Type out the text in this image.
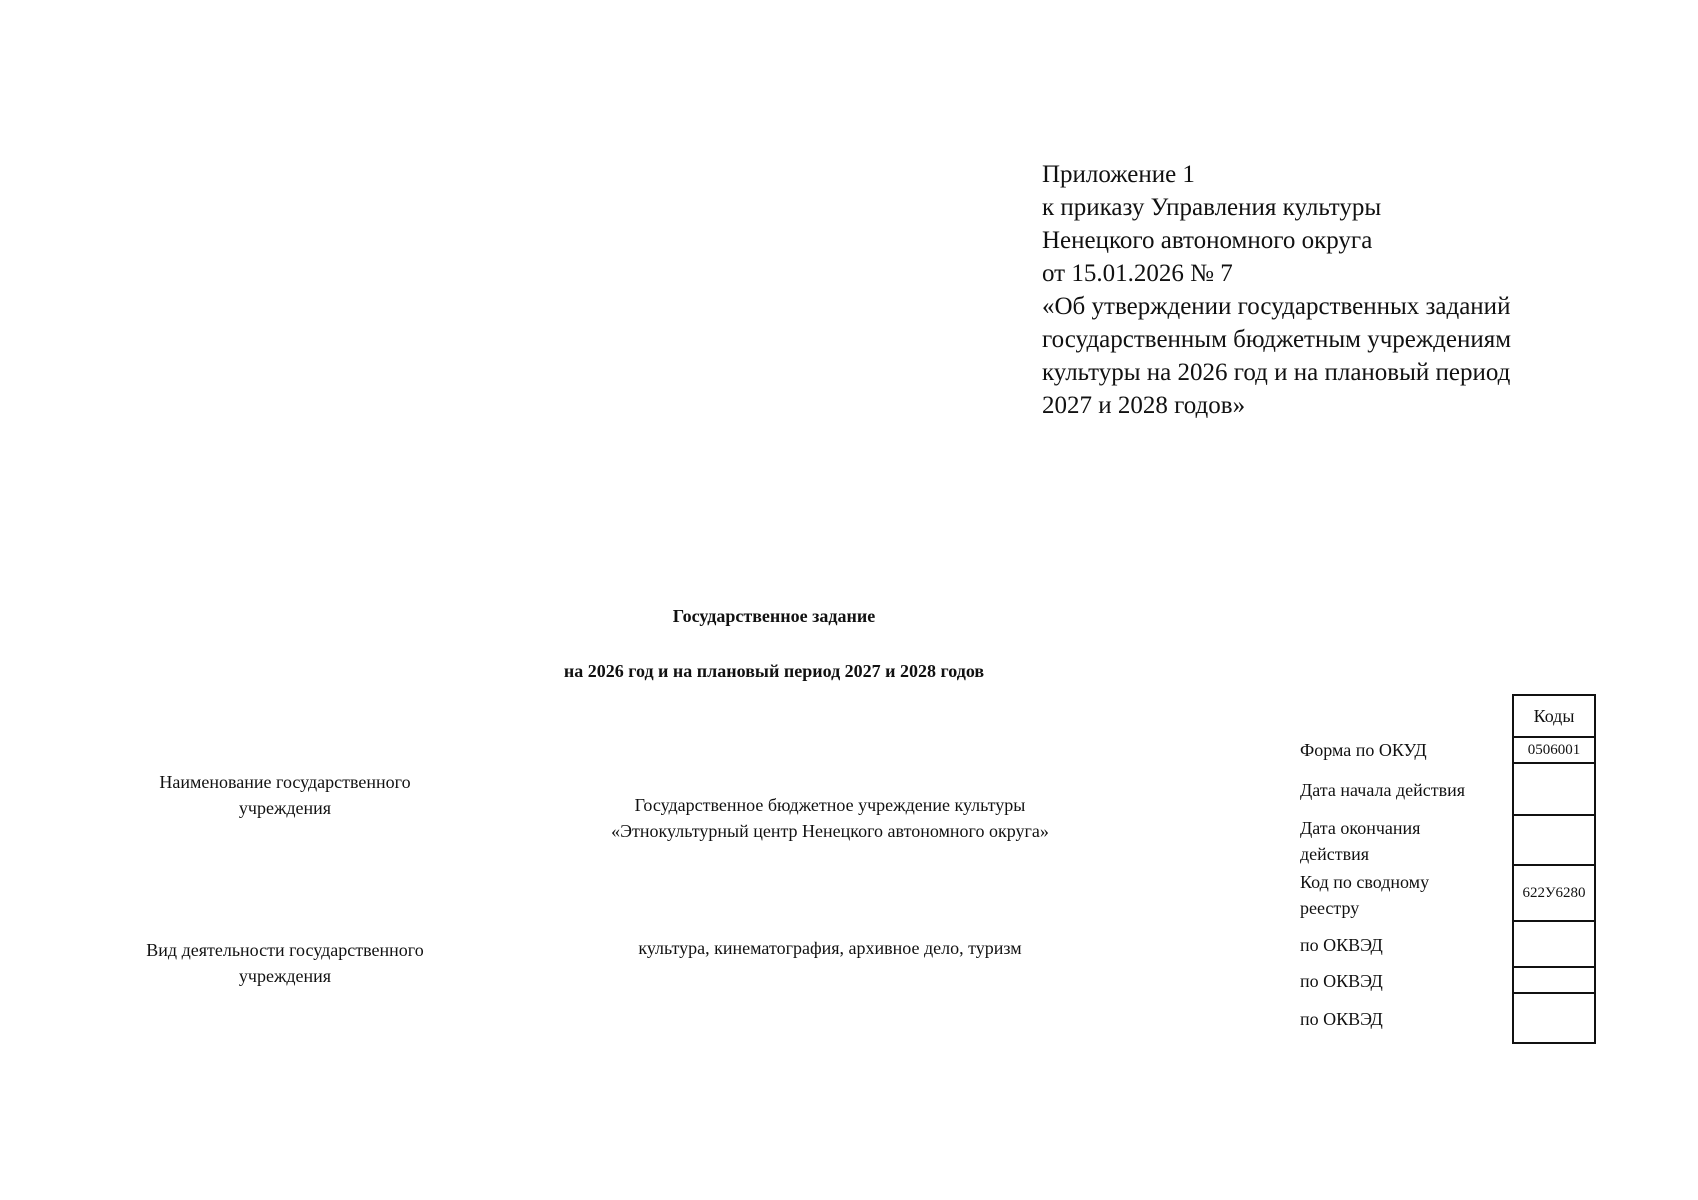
Приложение 1
к приказу Управления культуры
Ненецкого автономного округа
от 15.01.2026 № 7
«Об утверждении государственных заданий
государственным бюджетным учреждениям
культуры на 2026 год и на плановый период
2027 и 2028 годов»
Государственное задание
на 2026 год и на плановый период 2027 и 2028 годов
Наименование государственного
учреждения	Государственное бюджетное учреждение культуры
«Этнокультурный центр Ненецкого автономного округа»
Вид деятельности государственного
учреждения
культура, кинематография, архивное дело, туризм
Форма по ОКУД
Дата начала действия
Дата окончания
действия
Код по сводному
реестру
по ОКВЭД
по ОКВЭД
по ОКВЭД
Коды
0506001
622У6280
